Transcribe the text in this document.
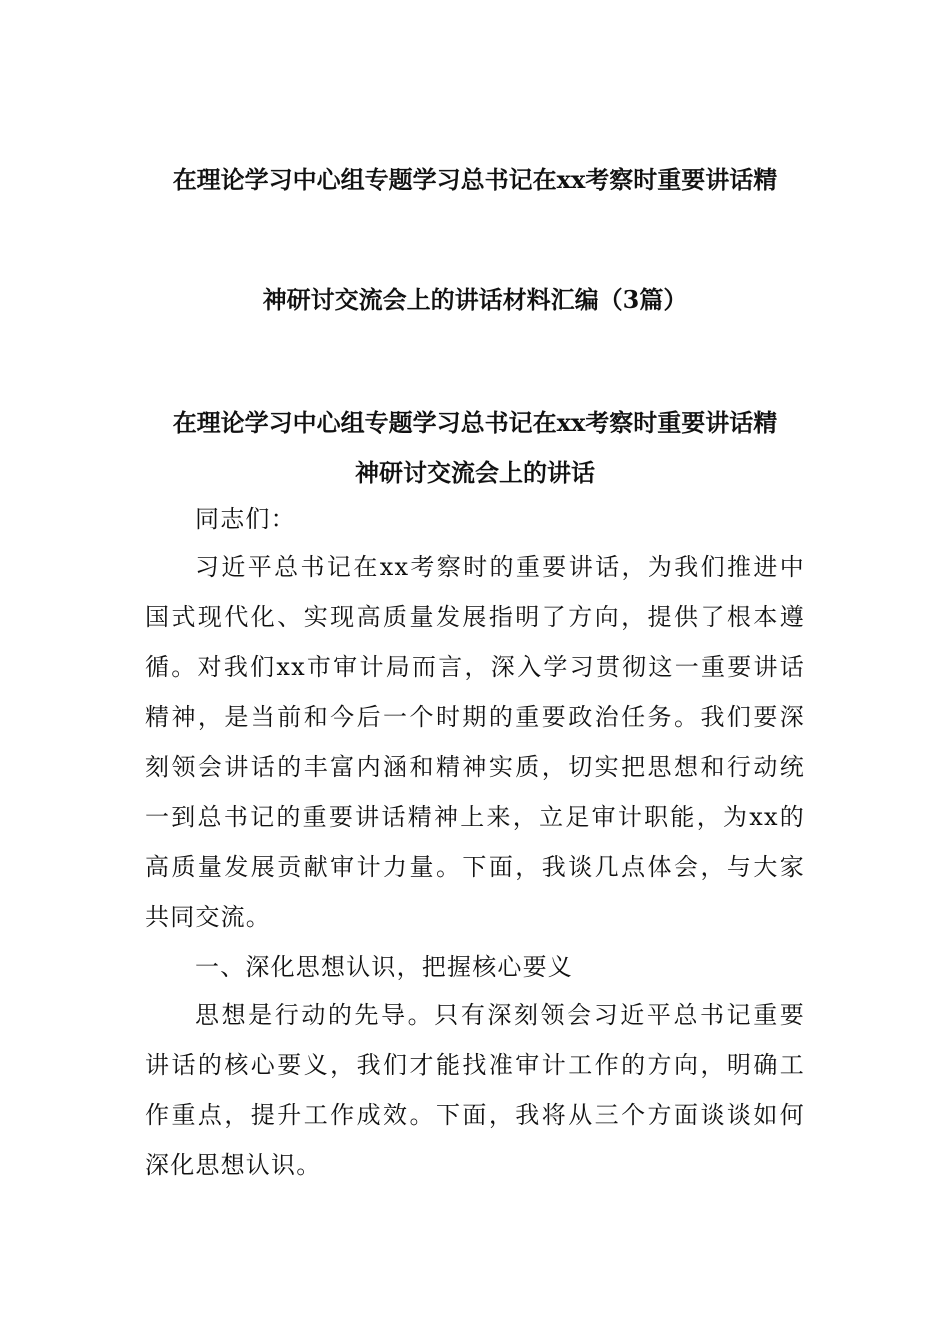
在理论学习中心组专题学习总书记在xx考察时重要讲话精
神研讨交流会上的讲话材料汇编（3篇）
在理论学习中心组专题学习总书记在xx考察时重要讲话精
神研讨交流会上的讲话
同志们：
习近平总书记在xx考察时的重要讲话，为我们推进中
国式现代化、实现高质量发展指明了方向，提供了根本遵
循。对我们xx市审计局而言，深入学习贯彻这一重要讲话
精神，是当前和今后一个时期的重要政治任务。我们要深
刻领会讲话的丰富内涵和精神实质，切实把思想和行动统
一到总书记的重要讲话精神上来，立足审计职能，为xx的
高质量发展贡献审计力量。下面，我谈几点体会，与大家
共同交流。
一、深化思想认识，把握核心要义
思想是行动的先导。只有深刻领会习近平总书记重要
讲话的核心要义，我们才能找准审计工作的方向，明确工
作重点，提升工作成效。下面，我将从三个方面谈谈如何
深化思想认识。
